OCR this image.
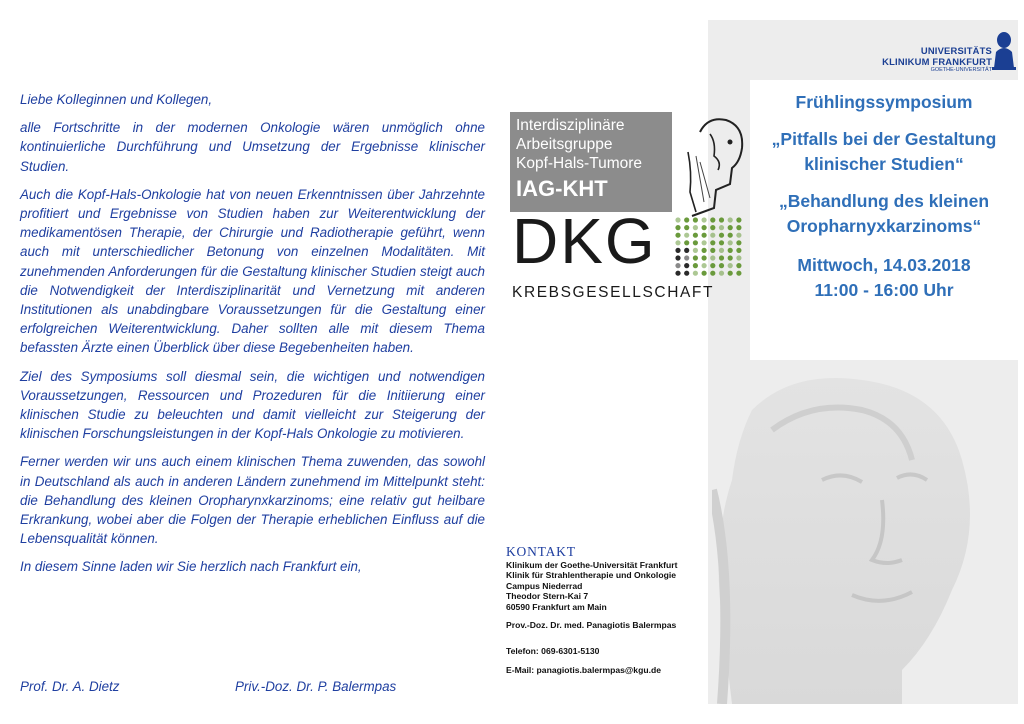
UNIVERSITÄTS
KLINIKUM FRANKFURT
GOETHE-UNIVERSITÄT
Frühlingssymposium
„Pitfalls bei der Gestaltung
klinischer Studien“
„Behandlung des kleinen
Oropharnyxkarzinoms“
Mittwoch, 14.03.2018
11:00 - 16:00 Uhr

Liebe Kolleginnen und Kollegen,

alle Fortschritte in der modernen Onkologie wären unmöglich ohne kontinuierliche Durchführung und Umsetzung der Ergebnisse klinischer Studien.

Auch die Kopf-Hals-Onkologie hat von neuen Erkenntnissen über Jahrzehnte profitiert und Ergebnisse von Studien haben zur Weiterentwicklung der medikamentösen Therapie, der Chirurgie und Radiotherapie geführt, wenn auch mit unterschiedlicher Betonung von einzelnen Modalitäten. Mit zunehmenden Anforderungen für die Gestaltung klinischer Studien steigt auch die Notwendigkeit der Interdisziplinarität und Vernetzung mit anderen Institutionen als unabdingbare Voraussetzungen für die Gestaltung einer erfolgreichen Weiterentwicklung. Daher sollten alle mit diesem Thema befassten Ärzte einen Überblick über diese Begebenheiten haben.

Ziel des Symposiums soll diesmal sein, die wichtigen und notwendigen Voraussetzungen, Ressourcen und Prozeduren für die Initiierung einer klinischen Studie zu beleuchten und damit vielleicht zur Steigerung der klinischen Forschungsleistungen in der Kopf-Hals Onkologie zu motivieren.

Ferner werden wir uns auch einem klinischen Thema zuwenden, das sowohl in Deutschland als auch in anderen Ländern zunehmend im Mittelpunkt steht: die Behandlung des kleinen Oropharynxkarzinoms; eine relativ gut heilbare Erkrankung, wobei aber die Folgen der Therapie erheblichen Einfluss auf die Lebensqualität können.

In diesem Sinne laden wir Sie herzlich nach Frankfurt ein,

Prof. Dr. A. Dietz	Priv.-Doz. Dr. P. Balermpas
Interdisziplinäre
Arbeitsgruppe
Kopf-Hals-Tumore
IAG-KHT
DKG
KREBSGESELLSCHAFT
KONTAKT
Klinikum der Goethe-Universität Frankfurt
Klinik für Strahlentherapie und Onkologie
Campus Niederrad
Theodor Stern-Kai 7
60590 Frankfurt am Main
Prov.-Doz. Dr. med. Panagiotis Balermpas
Telefon: 069-6301-5130
E-Mail: panagiotis.balermpas@kgu.de
